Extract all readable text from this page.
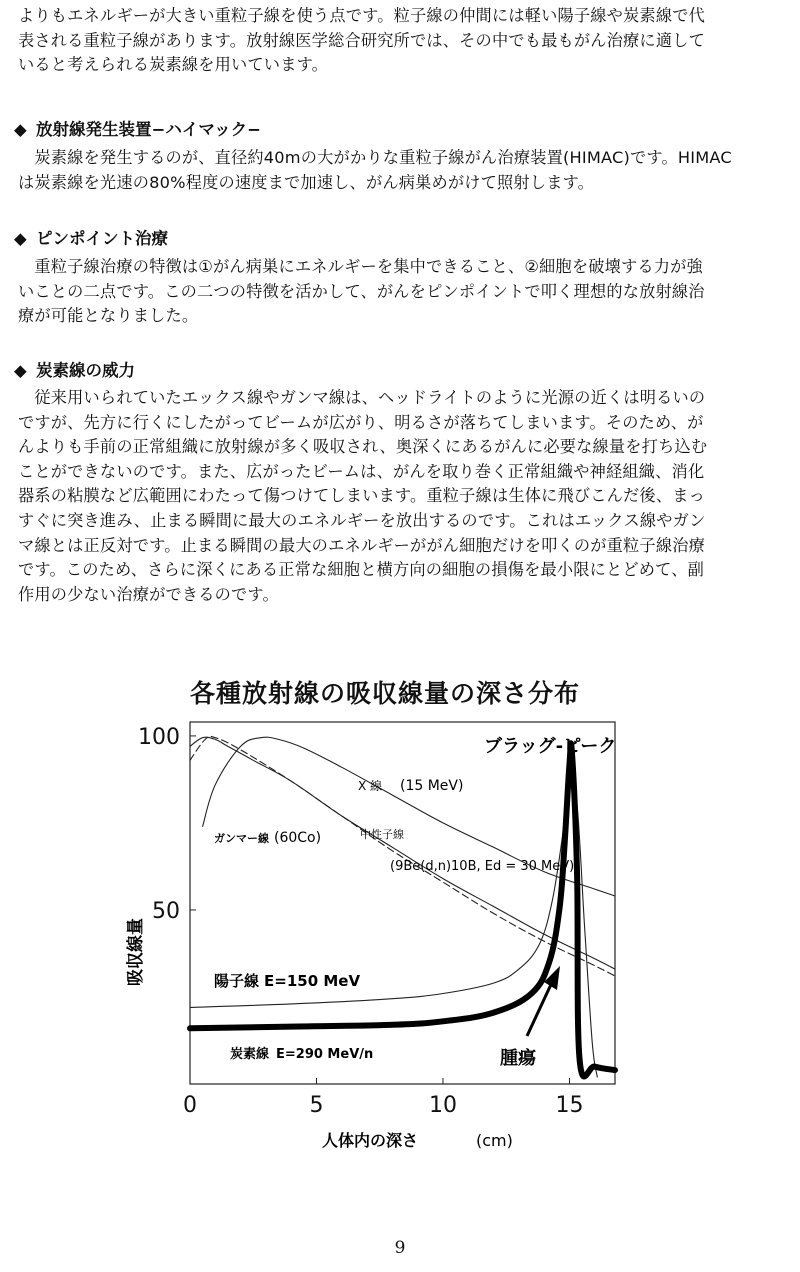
よりもエネルギーが大きい重粒子線を使う点です。粒子線の仲間には軽い陽子線や炭素線で代
表される重粒子線があります。放射線医学総合研究所では、その中でも最もがん治療に適して
いると考えられる炭素線を用いています。

◆ 放射線発生装置−ハイマック−

　炭素線を発生するのが、直径約40mの大がかりな重粒子線がん治療装置(HIMAC)です。HIMAC
は炭素線を光速の80%程度の速度まで加速し、がん病巣めがけて照射します。

◆ ピンポイント治療

　重粒子線治療の特徴は①がん病巣にエネルギーを集中できること、②細胞を破壊する力が強
いことの二点です。この二つの特徴を活かして、がんをピンポイントで叩く理想的な放射線治
療が可能となりました。

◆ 炭素線の威力

　従来用いられていたエックス線やガンマ線は、ヘッドライトのように光源の近くは明るいの
ですが、先方に行くにしたがってビームが広がり、明るさが落ちてしまいます。そのため、が
んよりも手前の正常組織に放射線が多く吸収され、奥深くにあるがんに必要な線量を打ち込む
ことができないのです。また、広がったビームは、がんを取り巻く正常組織や神経組織、消化
器系の粘膜など広範囲にわたって傷つけてしまいます。重粒子線は生体に飛びこんだ後、まっ
すぐに突き進み、止まる瞬間に最大のエネルギーを放出するのです。これはエックス線やガン
マ線とは正反対です。止まる瞬間の最大のエネルギーががん細胞だけを叩くのが重粒子線治療
です。このため、さらに深くにある正常な細胞と横方向の細胞の損傷を最小限にとどめて、副
作用の少ない治療ができるのです。

各種放射線の吸収線量の深さ分布
0	5	10	15
50
100
吸収線量
人体内の深さ	(cm)
ブラッグ-ピーク
腫瘍
X 線 (15 MeV)
ガンマー線 (60Co)	中性子線
(9Be(d,n)10B, Ed = 30 MeV)
陽子線 E=150 MeV
炭素線 E=290 MeV/n
9
